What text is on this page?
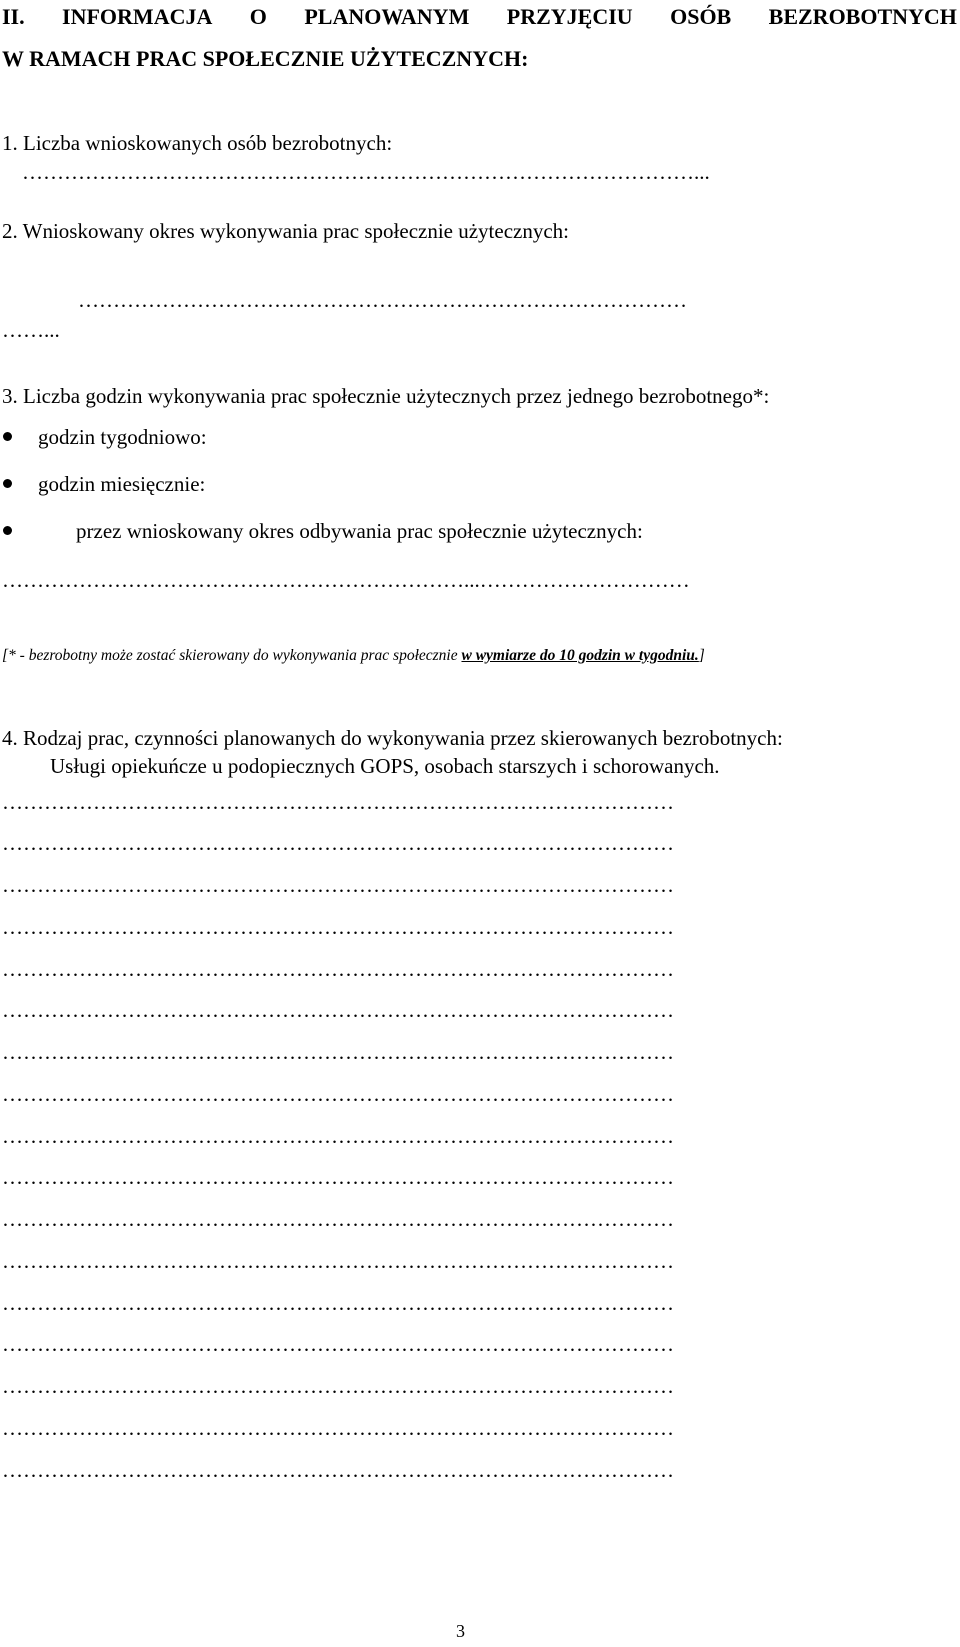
II. INFORMACJA O PLANOWANYM PRZYJĘCIU OSÓB BEZROBOTNYCH
W RAMACH PRAC SPOŁECZNIE UŻYTECZNYCH:
1. Liczba wnioskowanych osób bezrobotnych:
……………………………………………………………………………………...
2. Wnioskowany okres wykonywania prac społecznie użytecznych:
……………………………………………………………………………
……...
3. Liczba godzin wykonywania prac społecznie użytecznych przez jednego bezrobotnego*:
godzin tygodniowo:
godzin miesięcznie:
przez wnioskowany okres odbywania prac społecznie użytecznych:
…………………………………………………………...…………………………
[* - bezrobotny może zostać skierowany do wykonywania prac społecznie w wymiarze do 10 godzin w tygodniu.]
4. Rodzaj prac, czynności planowanych do wykonywania przez skierowanych bezrobotnych:
Usługi opiekuńcze u podopiecznych GOPS, osobach starszych i schorowanych.
……………………………………………………………………………………
……………………………………………………………………………………
……………………………………………………………………………………
……………………………………………………………………………………
……………………………………………………………………………………
……………………………………………………………………………………
……………………………………………………………………………………
……………………………………………………………………………………
……………………………………………………………………………………
……………………………………………………………………………………
……………………………………………………………………………………
……………………………………………………………………………………
……………………………………………………………………………………
……………………………………………………………………………………
……………………………………………………………………………………
……………………………………………………………………………………
……………………………………………………………………………………
3
